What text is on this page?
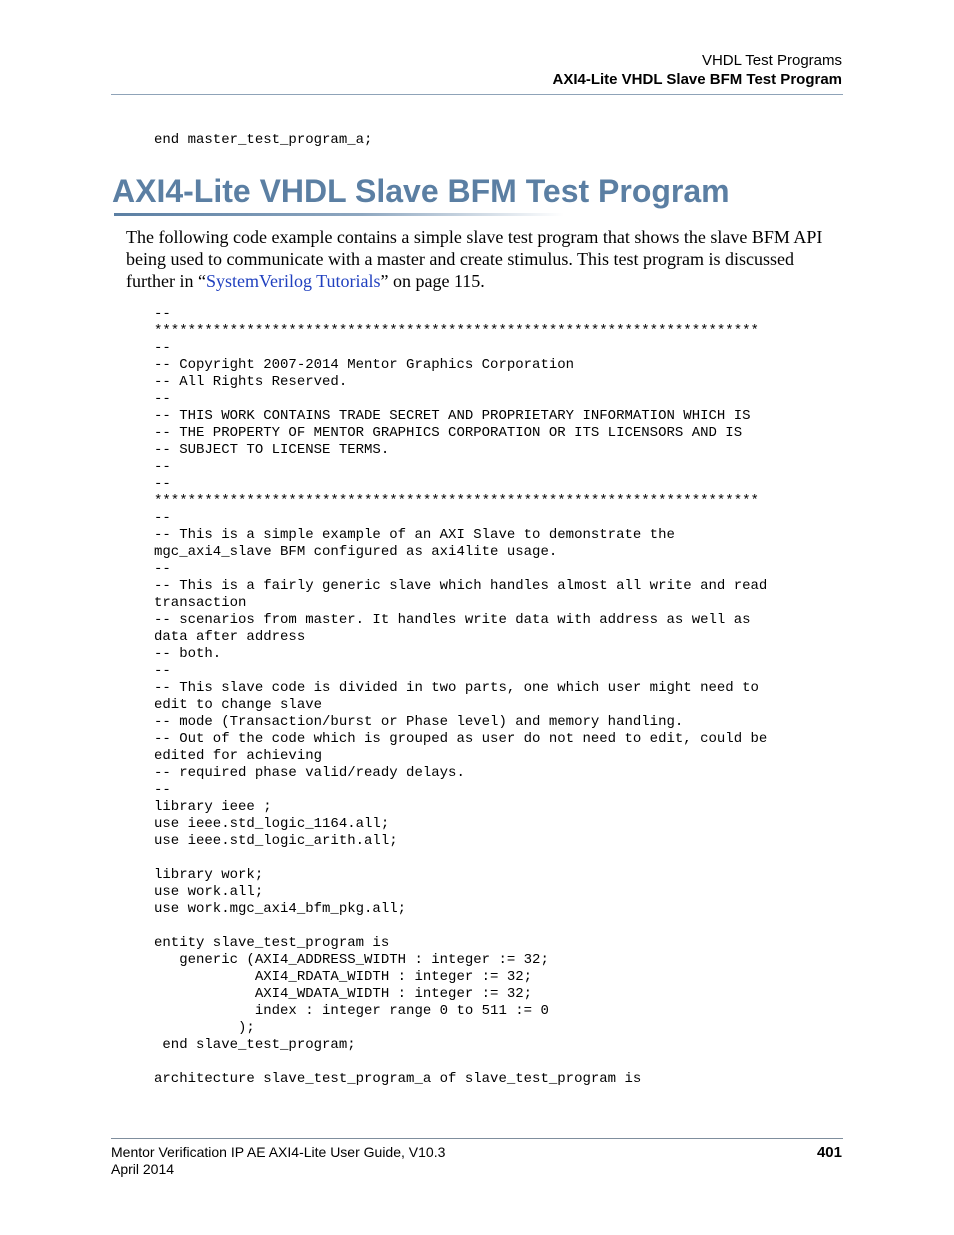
VHDL Test Programs
AXI4-Lite VHDL Slave BFM Test Program
end master_test_program_a;
AXI4-Lite VHDL Slave BFM Test Program

The following code example contains a simple slave test program that shows the slave BFM API being used to communicate with a master and create stimulus. This test program is discussed further in “SystemVerilog Tutorials” on page 115.

--
************************************************************************
--
-- Copyright 2007-2014 Mentor Graphics Corporation
-- All Rights Reserved.
--
-- THIS WORK CONTAINS TRADE SECRET AND PROPRIETARY INFORMATION WHICH IS
-- THE PROPERTY OF MENTOR GRAPHICS CORPORATION OR ITS LICENSORS AND IS
-- SUBJECT TO LICENSE TERMS.
--
--
************************************************************************
--
-- This is a simple example of an AXI Slave to demonstrate the
mgc_axi4_slave BFM configured as axi4lite usage.
--
-- This is a fairly generic slave which handles almost all write and read
transaction
-- scenarios from master. It handles write data with address as well as
data after address
-- both.
--
-- This slave code is divided in two parts, one which user might need to
edit to change slave
-- mode (Transaction/burst or Phase level) and memory handling.
-- Out of the code which is grouped as user do not need to edit, could be
edited for achieving
-- required phase valid/ready delays.
--
library ieee ;
use ieee.std_logic_1164.all;
use ieee.std_logic_arith.all;

library work;
use work.all;
use work.mgc_axi4_bfm_pkg.all;

entity slave_test_program is
generic (AXI4_ADDRESS_WIDTH : integer := 32;
AXI4_RDATA_WIDTH : integer := 32;
AXI4_WDATA_WIDTH : integer := 32;
index : integer range 0 to 511 := 0
);
end slave_test_program;

architecture slave_test_program_a of slave_test_program is
Mentor Verification IP AE AXI4-Lite User Guide, V10.3
April 2014
401
